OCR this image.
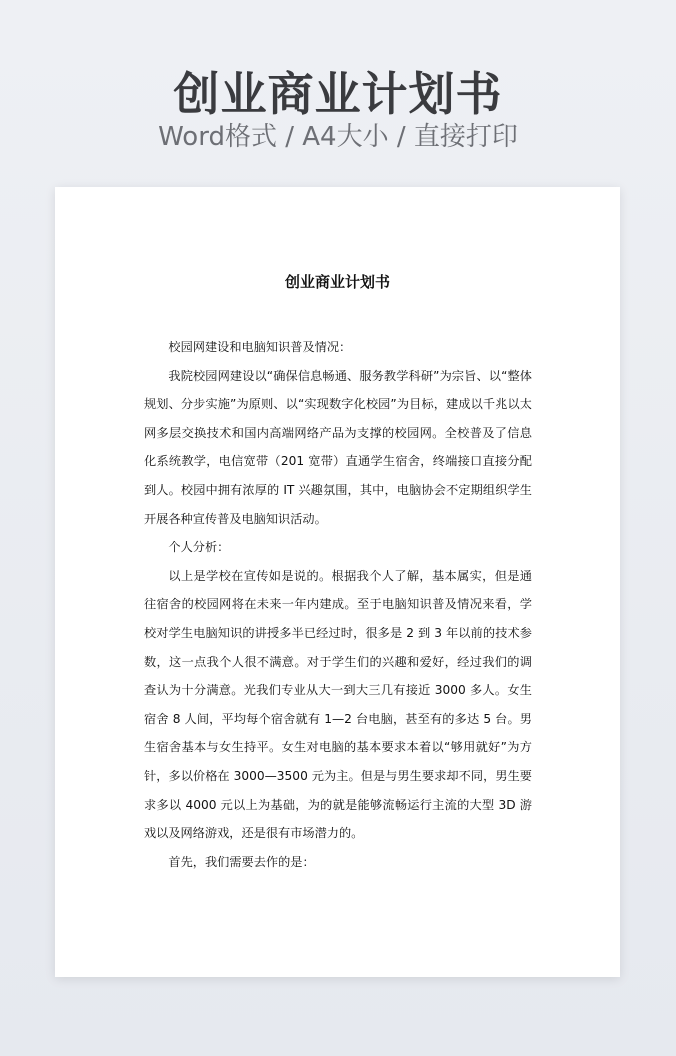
创业商业计划书
Word格式 / A4大小 / 直接打印
创业商业计划书

校园网建设和电脑知识普及情况：

我院校园网建设以“确保信息畅通、服务教学科研”为宗旨、以“整体规划、分步实施”为原则、以“实现数字化校园”为目标，建成以千兆以太网多层交换技术和国内高端网络产品为支撑的校园网。全校普及了信息化系统教学，电信宽带（201 宽带）直通学生宿舍，终端接口直接分配到人。校园中拥有浓厚的 IT 兴趣氛围，其中，电脑协会不定期组织学生开展各种宣传普及电脑知识活动。

个人分析：

以上是学校在宣传如是说的。根据我个人了解，基本属实，但是通往宿舍的校园网将在未来一年内建成。至于电脑知识普及情况来看，学校对学生电脑知识的讲授多半已经过时，很多是 2 到 3 年以前的技术参数，这一点我个人很不满意。对于学生们的兴趣和爱好，经过我们的调查认为十分满意。光我们专业从大一到大三几有接近 3000 多人。女生宿舍 8 人间，平均每个宿舍就有 1—2 台电脑，甚至有的多达 5 台。男生宿舍基本与女生持平。女生对电脑的基本要求本着以“够用就好”为方针，多以价格在 3000—3500 元为主。但是与男生要求却不同，男生要求多以 4000 元以上为基础，为的就是能够流畅运行主流的大型 3D 游戏以及网络游戏，还是很有市场潜力的。

首先，我们需要去作的是：
